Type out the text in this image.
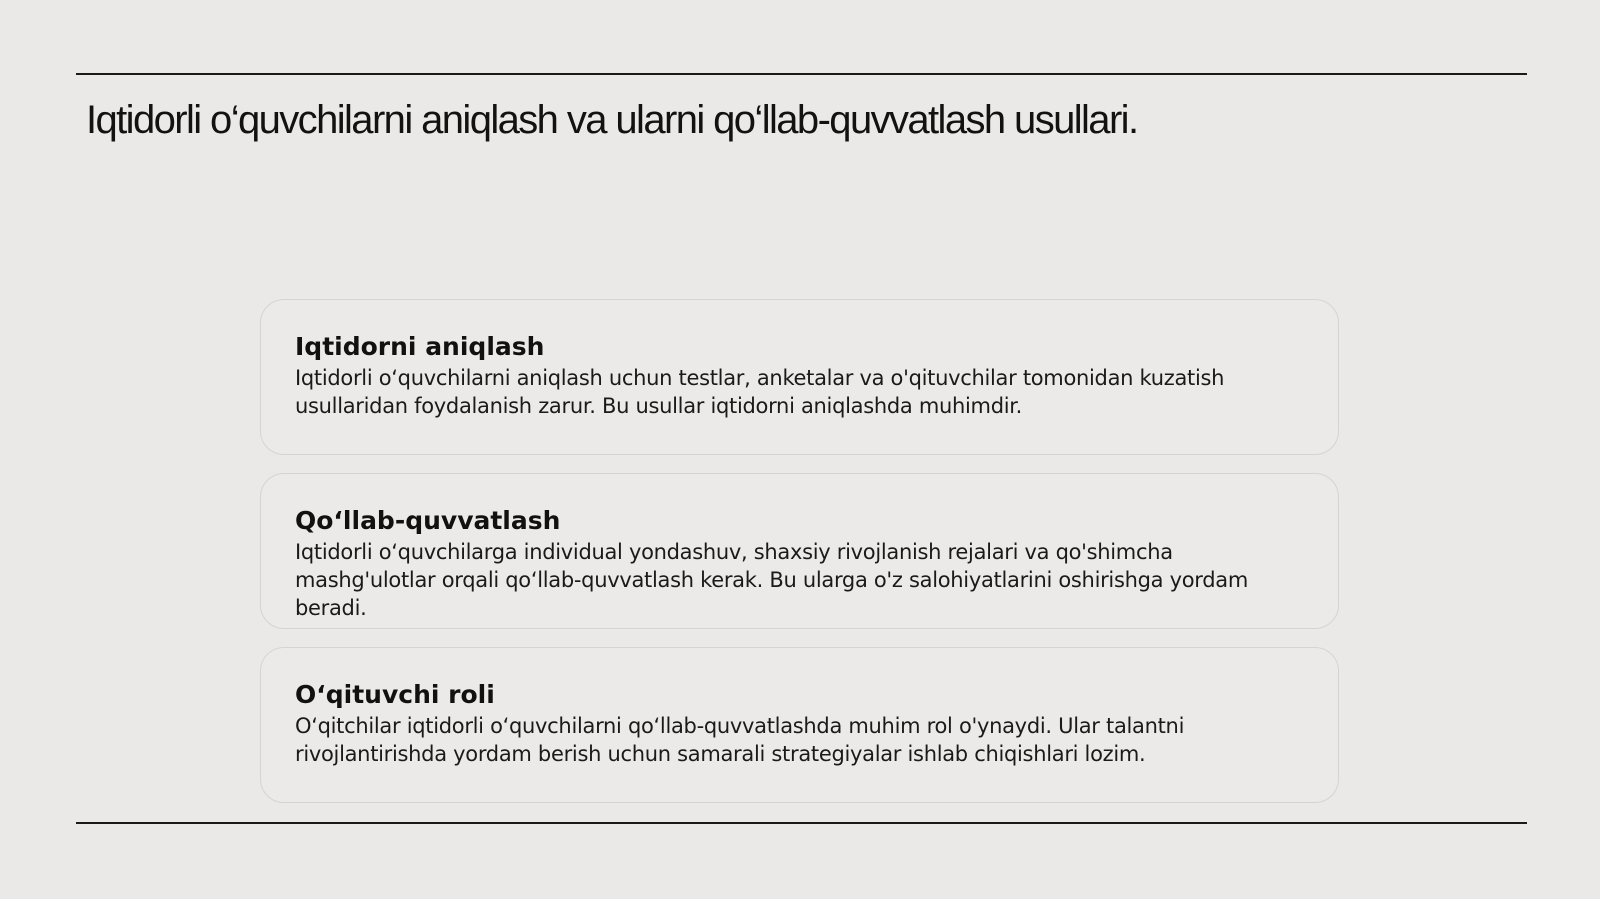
Iqtidorli o‘quvchilarni aniqlash va ularni qo‘llab-quvvatlash usullari.
Iqtidorni aniqlash

Iqtidorli o‘quvchilarni aniqlash uchun testlar, anketalar va o'qituvchilar tomonidan kuzatish usullaridan foydalanish zarur. Bu usullar iqtidorni aniqlashda muhimdir.

Qo‘llab-quvvatlash

Iqtidorli o‘quvchilarga individual yondashuv, shaxsiy rivojlanish rejalari va qo'shimcha mashg'ulotlar orqali qo‘llab-quvvatlash kerak. Bu ularga o'z salohiyatlarini oshirishga yordam beradi.

O‘qituvchi roli

O‘qitchilar iqtidorli o‘quvchilarni qo‘llab-quvvatlashda muhim rol o'ynaydi. Ular talantni rivojlantirishda yordam berish uchun samarali strategiyalar ishlab chiqishlari lozim.
